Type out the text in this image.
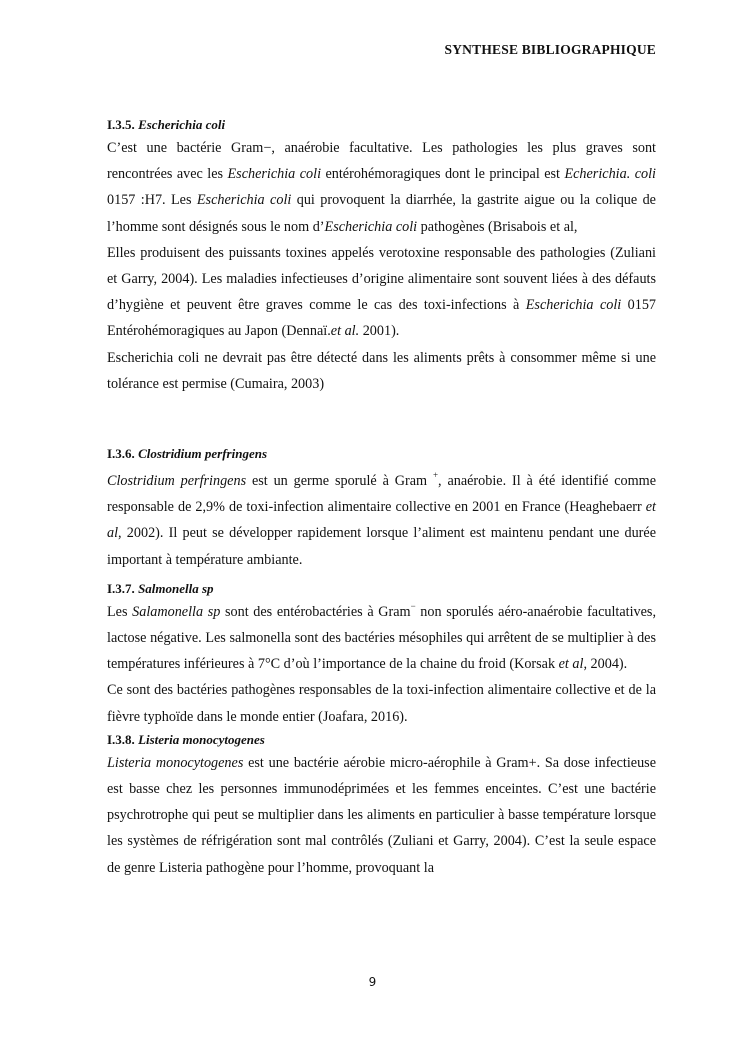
SYNTHESE BIBLIOGRAPHIQUE
I.3.5. Escherichia coli

C’est une bactérie Gram−, anaérobie facultative. Les pathologies les plus graves sont rencontrées avec les Escherichia coli entérohémoragiques dont le principal est Echerichia. coli 0157 :H7. Les Escherichia coli qui provoquent la diarrhée, la gastrite aigue ou la colique de l’homme sont désignés sous le nom d’Escherichia coli pathogènes (Brisabois et al,

Elles produisent des puissants toxines appelés verotoxine responsable des pathologies (Zuliani et Garry, 2004). Les maladies infectieuses d’origine alimentaire sont souvent liées à des défauts d’hygiène et peuvent être graves comme le cas des toxi-infections à Escherichia coli 0157 Entérohémoragiques au Japon (Dennaï.et al. 2001).

Escherichia coli ne devrait pas être détecté dans les aliments prêts à consommer même si une tolérance est permise (Cumaira, 2003)

I.3.6. Clostridium perfringens

Clostridium perfringens est un germe sporulé à Gram +, anaérobie. Il à été identifié comme responsable de 2,9% de toxi-infection alimentaire collective en 2001 en France (Heaghebaerr et al, 2002). Il peut se développer rapidement lorsque l’aliment est maintenu pendant une durée important à température ambiante.

I.3.7. Salmonella sp

Les Salamonella sp sont des entérobactéries à Gram− non sporulés aéro-anaérobie facultatives, lactose négative. Les salmonella sont des bactéries mésophiles qui arrêtent de se multiplier à des températures inférieures à 7°C d’où l’importance de la chaine du froid (Korsak et al, 2004).

Ce sont des bactéries pathogènes responsables de la toxi-infection alimentaire collective et de la fièvre typhoïde dans le monde entier (Joafara, 2016).

I.3.8. Listeria monocytogenes

Listeria monocytogenes est une bactérie aérobie micro-aérophile à Gram+. Sa dose infectieuse est basse chez les personnes immunodéprimées et les femmes enceintes. C’est une bactérie psychrotrophe qui peut se multiplier dans les aliments en particulier à basse température lorsque les systèmes de réfrigération sont mal contrôlés (Zuliani et Garry, 2004). C’est la seule espace de genre Listeria pathogène pour l’homme, provoquant la

9
